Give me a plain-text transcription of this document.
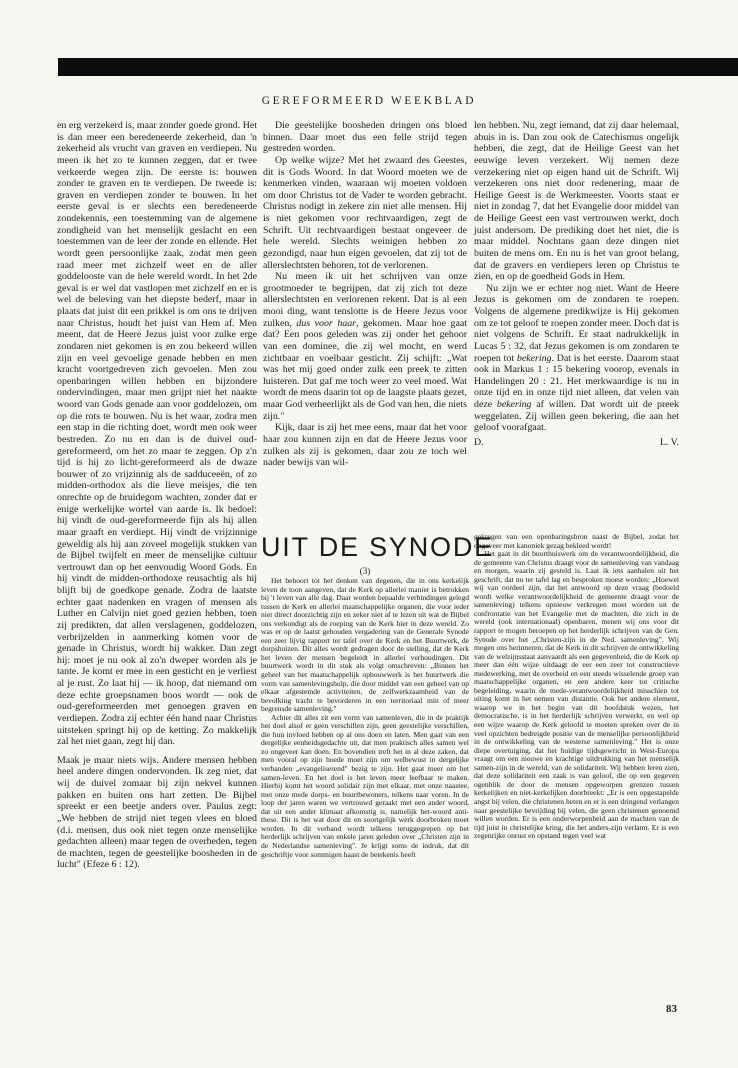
GEREFORMEERD WEEKBLAD

en erg verzekerd is, maar zonder goede grond. Het is dan meer een beredeneerde zekerheid, dan 'n zekerheid als vrucht van graven en verdiepen. Nu meen ik het zo te kunnen zeggen, dat er twee verkeerde wegen zijn. De eerste is: bouwen zonder te graven en te verdiepen. De tweede is: graven en verdiepen zonder te bouwen. In het eerste geval is er slechts een beredeneerde zondekennis, een toestemming van de algemene zondigheid van het menselijk geslacht en een toestemmen van de leer der zonde en ellende. Het wordt geen persoonlijke zaak, zodat men geen raad meer met zichzelf weet en de aller goddelooste van de hele wereld wordt. In het 2de geval is er wel dat vastlopen met zichzelf en er is wel de beleving van het diepste bederf, maar in plaats dat juist dit een prikkel is om ons te drijven naar Christus, houdt het juist van Hem af. Men meent, dat de Heere Jezus juist voor zulke erge zondaren niet gekomen is en zou bekeerd willen zijn en veel gevoelige genade hebben en men kracht voortgedreven zich gevoelen. Men zou openbaringen willen hebben en bijzondere ondervindingen, maar men grijpt niet het naakte woord van Gods genade aan voor goddelozen, om op die rots te bouwen. Nu is het waar, zodra men een stap in die richting doet, wordt men ook weer bestreden. Zo nu en dan is de duivel oud-gereformeerd, om het zo maar te zeggen. Op z'n tijd is hij zo licht-gereformeerd als de dwaze bouwer of zo vrijzinnig als de sadduceeën, of zo midden-orthodox als die lieve meisjes, die ten onrechte op de bruidegom wachten, zonder dat er enige werkelijke wortel van aarde is. Ik bedoel: hij vindt de oud-gereformeerde fijn als hij allen maar graaft en verdiept. Hij vindt de vrijzinnige geweldig als hij aan zoveel mogelijk stukken van de Bijbel twijfelt en meer de menselijke cultuur vertrouwt dan op het eenvoudig Woord Gods. En hij vindt de midden-orthodoxe reusachtig als hij blijft bij de goedkope genade. Zodra de laatste echter gaat nadenken en vragen of mensen als Luther en Calvijn niet goed gezien hebben, toen zij predikten, dat allen verslagenen, goddelozen, verbrijzelden in aanmerking komen voor de genade in Christus, wordt hij wakker. Dan zegt hij: moet je nu ook al zo'n dweper worden als je tante. Je komt er mee in een gesticht en je verliest al je rust. Zo laat hij — ik hoop, dat niemand om deze echte groepsnamen boos wordt — ook de oud-gereformeerden met genoegen graven en verdiepen. Zodra zij echter één hand naar Christus uitsteken springt hij op de ketting. Zo makkelijk zal het niet gaan, zegt hij dan.

Maak je maar niets wijs. Andere mensen hebben heel andere dingen ondervonden. Ik zeg niet, dat wij de duivel zomaar bij zijn nekvel kunnen pakken en buiten ons hart zetten. De Bijbel spreekt er een beetje anders over. Paulus zegt: „We hebben de strijd niet tegen vlees en bloed (d.i. mensen, dus ook niet tegen onze menselijke gedachten alleen) maar tegen de overheden, tegen de machten, tegen de geestelijke boosheden in de lucht" (Efeze 6 : 12).

Die geestelijke boosheden dringen ons bloed binnen. Daar moet dus een felle strijd tegen gestreden worden.

Op welke wijze? Met het zwaard des Geestes, dit is Gods Woord. In dat Woord moeten we de kenmerken vinden, waaraan wij moeten voldoen om door Christus tot de Vader te worden gebracht. Christus nodigt in zekere zin niet alle mensen. Hij is niet gekomen voor rechtvaardigen, zegt de Schrift. Uit rechtvaardigen bestaat ongeveer de hele wereld. Slechts weinigen hebben zo gezondigd, naar hun eigen gevoelen, dat zij tot de allerslechtsten behoren, tot de verlorenen.

Nu meen ik uit het schrijven van onze grootmoeder te begrijpen, dat zij zich tot deze allerslechtsten en verlorenen rekent. Dat is al een mooi ding, want tenslotte is de Heere Jezus voor zulken, dus voor haar, gekomen. Maar hoe gaat dat? Een poos geleden was zij onder het gehoor van een dominee, die zij wel mocht, en werd zichtbaar en voelbaar gesticht. Zij schijft: „Wat was het mij goed onder zulk een preek te zitten luisteren. Dat gaf me toch weer zo veel moed. Wat wordt de mens daarin tot op de laagste plaats gezet, maar God verheerlijkt als de God van hen, die niets zijn."

Kijk, daar is zij het mee eens, maar dat het voor haar zou kunnen zijn en dat de Heere Jezus voor zulken als zij is gekomen, daar zou ze toch wel nader bewijs van wil-

len hebben. Nu, zegt iemand, dat zij daar helemaal, abuis in is. Dan zou ook de Catechismus ongelijk hebben, die zegt, dat de Heilige Geest van het eeuwige leven verzekert. Wij nemen deze verzekering niet op eigen hand uit de Schrift. Wij verzekeren ons niet door redenering, maar de Heilige Geest is de Werkmeester. Voorts staat er niet in zondag 7, dat het Evangelie door middel van de Heilige Geest een vast vertrouwen werkt, doch juist andersom. De prediking doet het niet, die is maar middel. Nochtans gaan deze dingen niet buiten de mens om. En nu is het van groot belang, dat de gravers en verdiepers leren op Christus te zien, en op de goedheid Gods in Hem.

Nu zijn we er echter nog niet. Want de Heere Jezus is gekomen om de zondaren te roepen. Volgens de algemene predikwijze is Hij gekomen om ze tot geloof te roepen zonder meer. Doch dat is niet volgens de Schrift. Er staat nadrukkelijk in Lucas 5 : 32, dat Jezus gekomen is om zondaren te roepen tot bekering. Dat is het eerste. Daarom staat ook in Markus 1 : 15 bekering voorop, evenals in Handelingen 20 : 21. Het merkwaardige is nu in onze tijd en in onze tijd niet alleen, dat velen van deze bekering af willen. Dat wordt uit de preek weggelaten. Zij willen geen bekering, die aan het geloof voorafgaat.

D.	L. V.
UIT DE SYNODE
(3)

Het behoort tot het denken van degenen, die in ons kerkelijk leven de toon aangeven, dat de Kerk op allerlei manier is betrokken bij 't leven van alle dag. Daar worden bepaalde verbindingen gelegd tussen de Kerk en allerlei maatschappelijke organen, die voor ieder niet direct doorzichtig zijn en zeker niet af te lezen uit wat de Bijbel ons verkondigt als de roeping van de Kerk hier in deze wereld. Zo was er op de laatst gehouden vergadering van de Generale Synode een zeer lijvig rapport ter tafel over de Kerk en het Buurtwerk, de dorpshuizen. Dit alles wordt gedragen door de stelling, dat de Kerk het leven der mensen begeleidt in allerlei verhoudingen. Dit buurtwerk wordt in dit stuk als volgt omschreven: „Binnen het geheel van het maatschappelijk opbouwwerk is het buurtwerk die vorm van samenlevingshulp, die door middel van een geheel van op elkaar afgestemde activiteiten, de zelfwerkzaamheid van de bevolking tracht te bevorderen in een territoriaal min of meer begrensde samenleving."

Achter dit alles zit een vorm van samenleven, die in de praktijk het doel alsof er geen verschillen zijn, geen geestelijke verschillen, die hun invloed hebben op al ons doen en laten. Men gaat van een dergelijke eenheidsgedachte uit, dat men praktisch alles samen wel zo ongeveer kan doen. En bovendien treft het in al deze zaken, dat men vooral op zijn hoede moet zijn om welbewust in dergelijke verbanden „evangeliserend" bezig te zijn. Het gaat meer om het samen-leven. En het doel is het leven meer leefbaar te maken. Hierbij komt het woord solidair zijn met elkaar, met onze naastee, met onze mede dorps- en buurtbewoners, telkens naar voren. In de loop der jaren waren we vertrouwd geraakt met een ander woord, dat uit een ander klimaat afkomstig is, namelijk het-woord anti-these. Dit is het wat door dit en soortgelijk werk doorbroken moet worden. In dit verband wordt telkens teruggegrepen op het herderlijk schrijven van enkele jaren geleden over „Christen zijn in de Nederlandse samenleving". Je krijgt soms de indruk, dat dit geschriftje voor sommigen haast de betekenis heeft

gekregen van een openbaringsbron naast de Bijbel, zodat het ongeveer met kanoniek gezag bekleed wordt!

Het gaat in dit buurthuiswerk om de verantwoordelijkheid, die de gemeente van Christus draagt voor de samenleving van vandaag en morgen, waarin zij gesteld is. Laat ik iets aanhalen uit het geschrift, dat nu ter tafel lag en besproken moest worden: „Hoewel wij van oordeel zijn, dat het antwoord op deze vraag (bedoeld wordt welke verantwoordelijkheid de gemeente draagt voor de samenleving) telkens opnieuw verkregen moet worden uit de confrontatie van het Evangelie met de machten, die zich in de wereld (ook internationaal) openbaren, menen wij ons voor dit rapport te mogen beroepen op het herderlijk schrijven van de Gen. Synode over het „Christen-zijn in de Ned. samenleving". Wij mogen ons herinneren, dat de Kerk in dit schrijven de ontwikkeling van de welzijnsstaat aanvaardt als een gegevenheid, die de Kerk op meer dan één wijze uitdaagt de eer een zeer tot constructieve medewerking, met de overheid en een steeds wisselende groep van maatschappelijke organen, en een andere keer tot critische begeleiding, waarin de mede-verantwoordelijkheid misschien tot uiting komt in het nemen van distantie. Ook het andere element, waarop we in het begin van dit hoofdstuk wezen, het democratische, is in het herderlijk schrijven verwerkt, en wel op een wijze waarop de Kerk geloofd te moeten spreken over de in veel opzichten bedreigde positie van de menselijke persoonlijkheid in de ontwikkeling van de westerse samenleving." Het is onze diepe overtuiging, dat het huidige tijdsgewricht in West-Europa vraagt om een nieuwe en krachtige uitdrukking van het menselijk samen-zijn in de wereld, van de solidariteit. Wij hebben leren zien, dat deze solidariteit een zaak is van geloof, die op een gegeven ogenblik de door de mensen opgeworpen grenzen tussen kerkelijken en niet-kerkelijken doorbreekt: „Er is een opgestapelde angst bij velen, die christenen heten en er is een dringend verlangen naar geestelijke bevrijding bij velen, die geen christenen genoemd willen worden. Er is een onderworpenheid aan de machten van de tijd juist in christelijke kring, die het anders-zijn verlamt. Er is een zegenrijke onrust en opstand tegen veel wat

83
